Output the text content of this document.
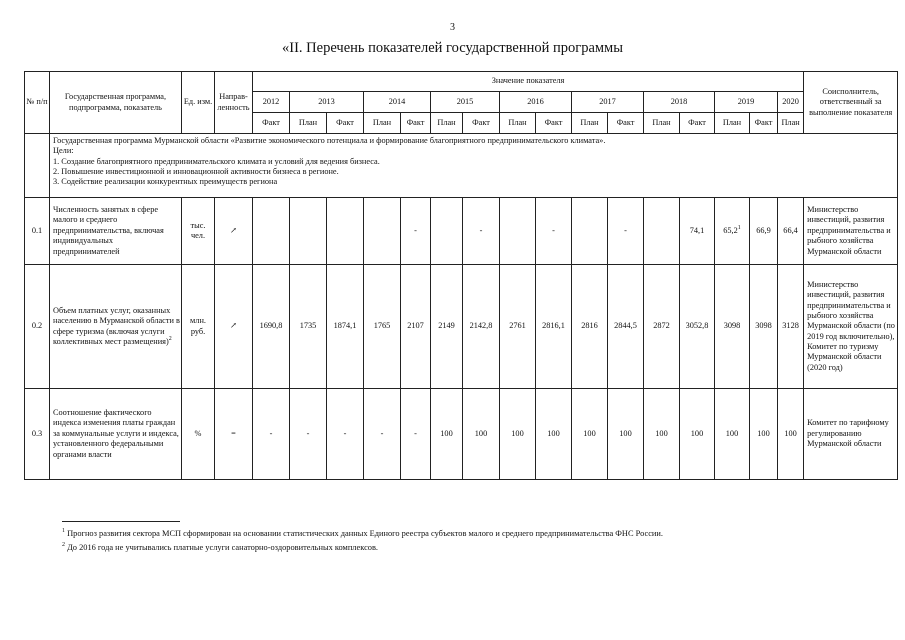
3
«II. Перечень показателей государственной программы
№ п/п	Государственная программа, подпрограмма, показатель	Ед. изм.	Направ- ленность	Значение показателя																Соисполнитель, ответственный за выполнение показателя
				2012	2013		2014		2015		2016		2017		2018		2019		2020	
				Факт	План	Факт	План	Факт	План	Факт	План	Факт	План	Факт	План	Факт	План	Факт	План	

	Государственная программа Мурманской области «Развитие экономического потенциала и формирование благоприятного предпринимательского климата».
Цели:
1. Создание благоприятного предпринимательского климата и условий для ведения бизнеса.
2. Повышение инвестиционной и инновационной активности бизнеса в регионе.
3. Содействие реализации конкурентных преимуществ региона																			

0.1	Численность занятых в сфере малого и среднего предпринимательства, включая индивидуальных предпринимателей	тыс. чел.	↗					-		-		-		-		74,1	65,2$^1$	66,9	66,4	Министерство инвестиций, развития предпринимательства и рыбного хозяйства Мурманской области
0.2	Объем платных услуг, оказанных населению в Мурманской области в сфере туризма (включая услуги коллективных мест размещения)$^2$	млн. руб.	↗	1690,8	1735	1874,1	1765	2107	2149	2142,8	2761	2816,1	2816	2844,5	2872	3052,8	3098	3098	3128	Министерство инвестиций, развития предпринимательства и рыбного хозяйства Мурманской области (по 2019 год включительно), Комитет по туризму Мурманской области (2020 год)
0.3	Соотношение фактического индекса изменения платы граждан за коммунальные услуги и индекса, установленного федеральными органами власти	%	=	-	-	-	-	-	100	100	100	100	100	100	100	100	100	100	100	Комитет по тарифному регулированию Мурманской области
$^1$ Прогноз развития сектора МСП сформирован на основании статистических данных Единого реестра субъектов малого и среднего предпринимательства ФНС России.
$^2$ До 2016 года не учитывались платные услуги санаторно-оздоровительных комплексов.
